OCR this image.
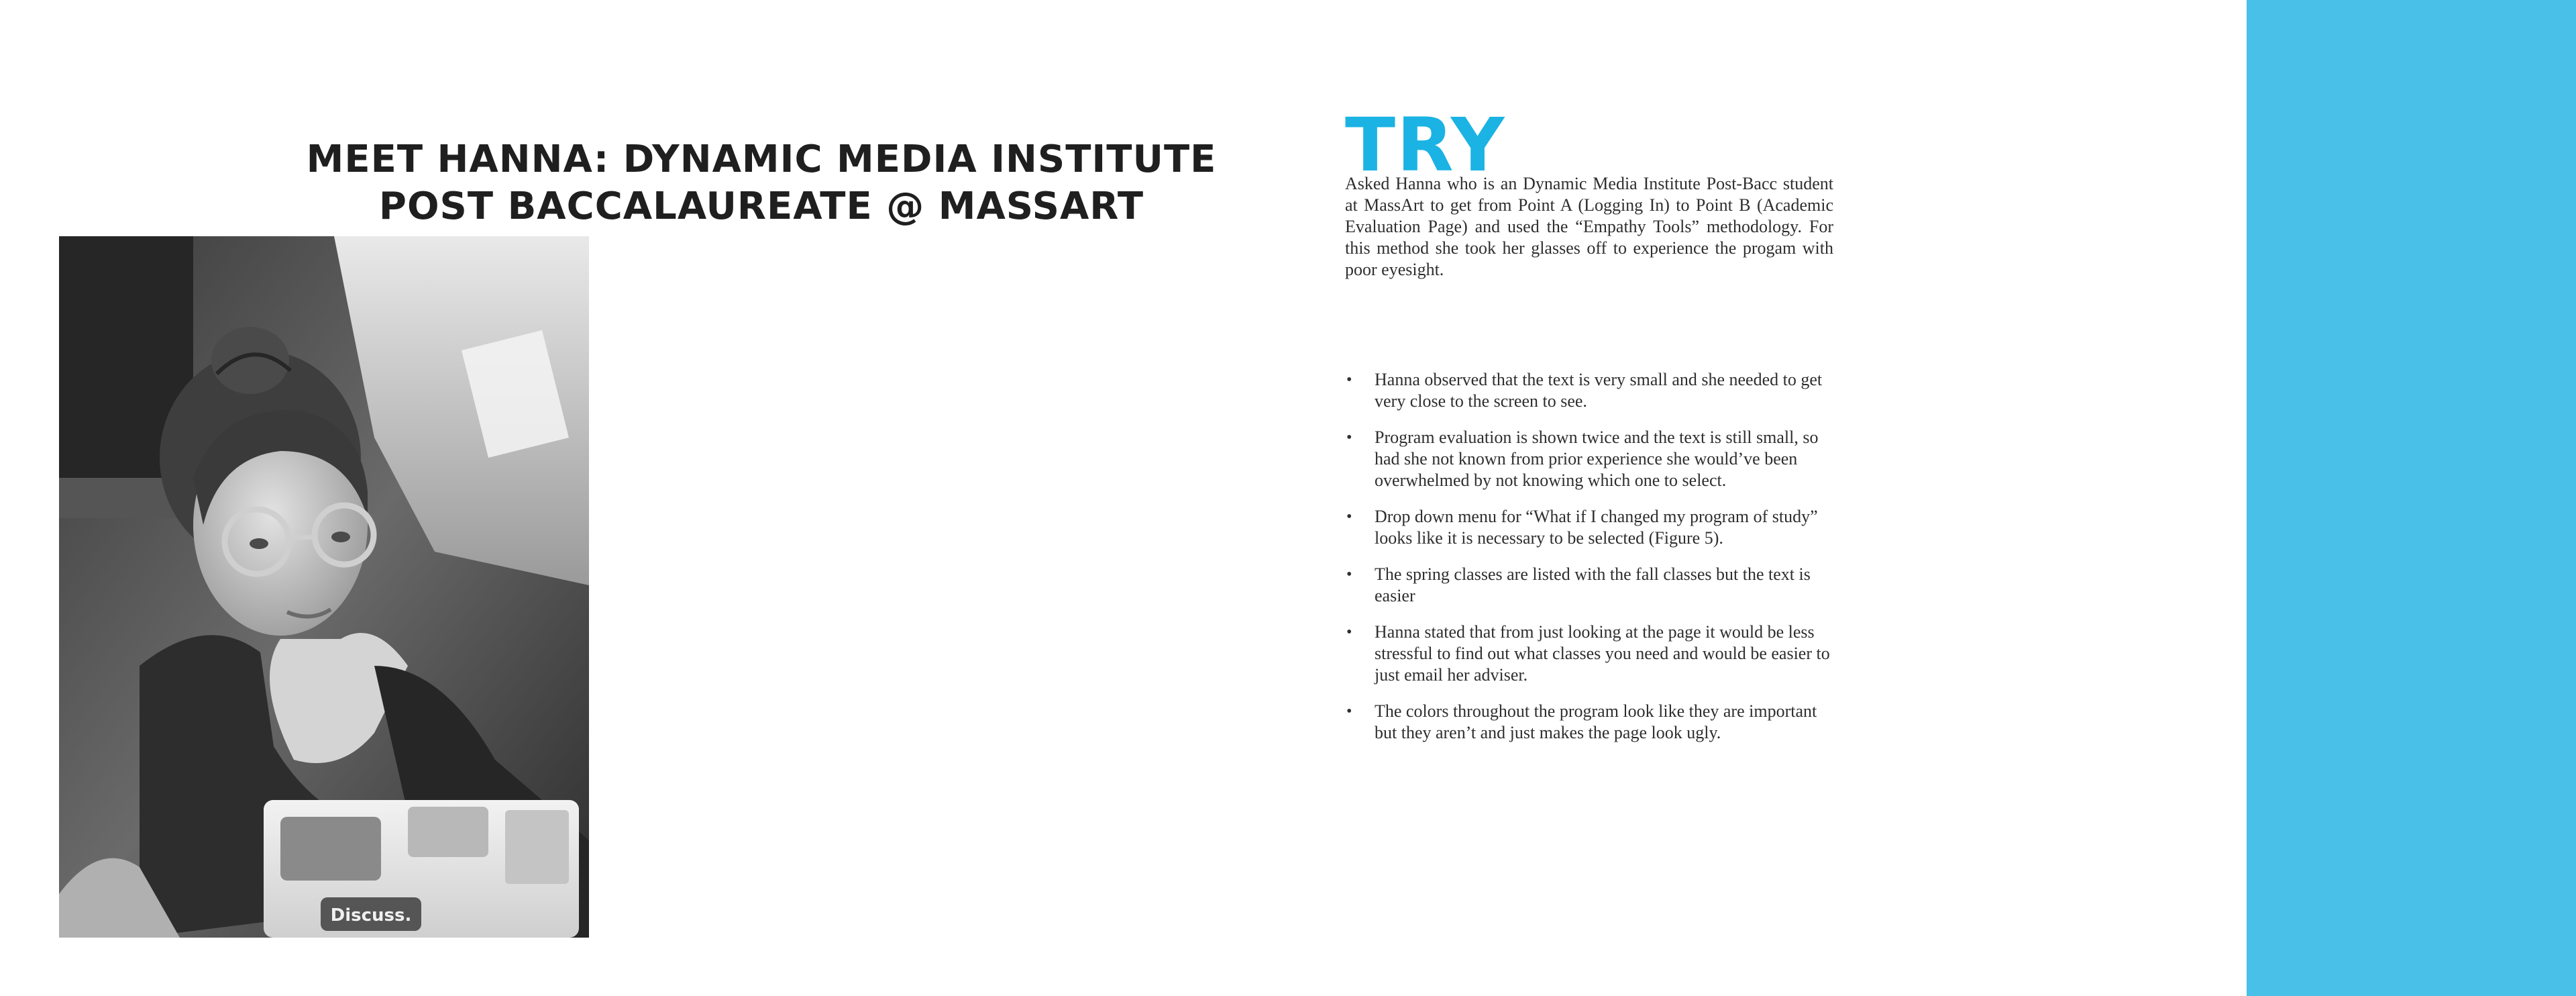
MEET HANNA: DYNAMIC MEDIA INSTITUTE
POST BACCALAUREATE @ MASSART
Discuss.
TRY

Asked Hanna who is an Dynamic Media Institute Post-Bacc student at MassArt to get from Point A (Logging In) to Point B (Academic Evaluation Page) and used the “Empathy Tools” methodology. For this method she took her glasses off to experience the progam with poor eyesight.

• Hanna observed that the text is very small and she needed to get very close to the screen to see.
• Program evaluation is shown twice and the text is still small, so had she not known from prior experience she would’ve been overwhelmed by not knowing which one to select.
• Drop down menu for “What if I changed my program of study” looks like it is necessary to be selected (Figure 5).
• The spring classes are listed with the fall classes but the text is easier
• Hanna stated that from just looking at the page it would be less stressful to find out what classes you need and would be easier to just email her adviser.
• The colors throughout the program look like they are important but they aren’t and just makes the page look ugly.
